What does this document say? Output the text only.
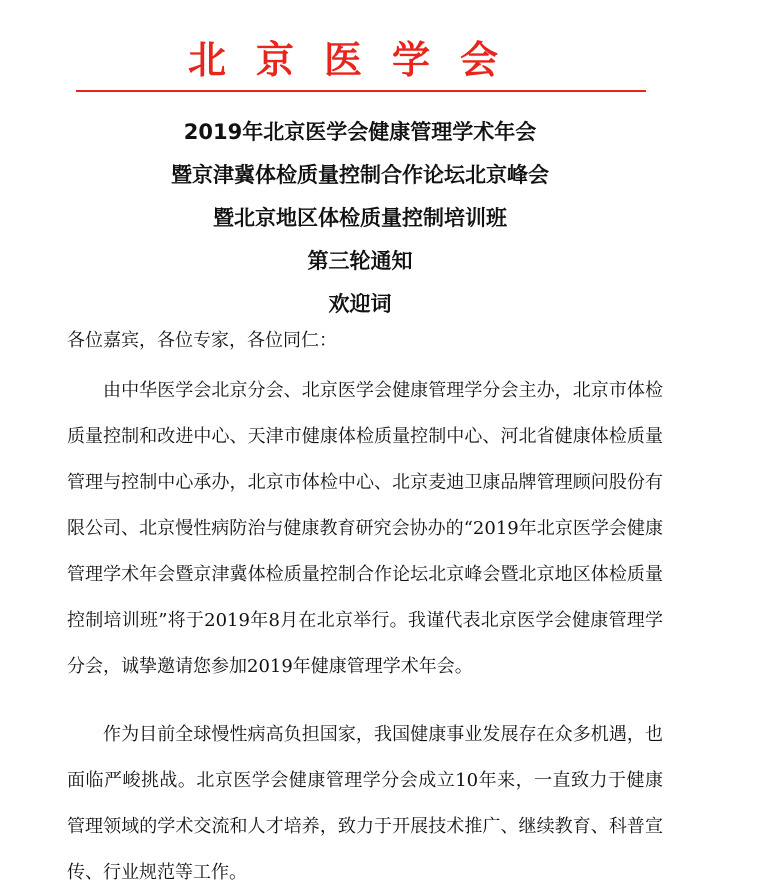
北京医学会
2019年北京医学会健康管理学术年会
暨京津冀体检质量控制合作论坛北京峰会
暨北京地区体检质量控制培训班
第三轮通知
欢迎词
各位嘉宾，各位专家，各位同仁：
由中华医学会北京分会、北京医学会健康管理学分会主办，北京市体检质量控制和改进中心、天津市健康体检质量控制中心、河北省健康体检质量管理与控制中心承办，北京市体检中心、北京麦迪卫康品牌管理顾问股份有限公司、北京慢性病防治与健康教育研究会协办的“2019年北京医学会健康管理学术年会暨京津冀体检质量控制合作论坛北京峰会暨北京地区体检质量控制培训班”将于2019年8月在北京举行。我谨代表北京医学会健康管理学分会，诚挚邀请您参加2019年健康管理学术年会。
作为目前全球慢性病高负担国家，我国健康事业发展存在众多机遇，也面临严峻挑战。北京医学会健康管理学分会成立10年来，一直致力于健康管理领域的学术交流和人才培养，致力于开展技术推广、继续教育、科普宣传、行业规范等工作。
